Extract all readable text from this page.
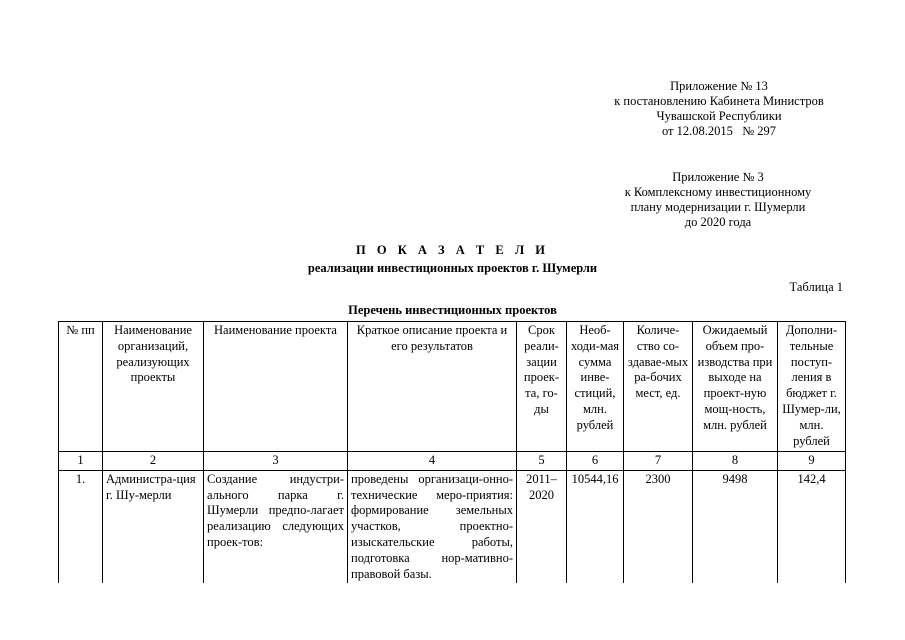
Приложение № 13
к постановлению Кабинета Министров
Чувашской Республики
от 12.08.2015   № 297
Приложение № 3
к Комплексному инвестиционному
плану модернизации г. Шумерли
до 2020 года
П О К А З А Т Е Л И
реализации инвестиционных проектов г. Шумерли
Таблица 1
Перечень инвестиционных проектов
№ пп	Наименование организаций, реализующих проекты	Наименование проекта	Краткое описание проекта и его результатов	Срок реали-зации проек-та, го-ды	Необ-ходи-мая сумма инве-стиций, млн. рублей	Количе-ство со-здавае-мых ра-бочих мест, ед.	Ожидаемый объем про-изводства при выходе на проект-ную мощ-ность, млн. рублей	Дополни-тельные поступ-ления в бюджет г. Шумер-ли, млн. рублей
1	2	3	4	5	6	7	8	9
1.	Администра-ция г. Шу-мерли	Создание индустри-ального парка г. Шумерли предпо-лагает реализацию следующих проек-тов:	проведены организаци-онно-технические меро-приятия: формирование земельных участков, проектно-изыскательские работы, подготовка нор-мативно-правовой базы.	2011–2020	10544,16	2300	9498	142,4
